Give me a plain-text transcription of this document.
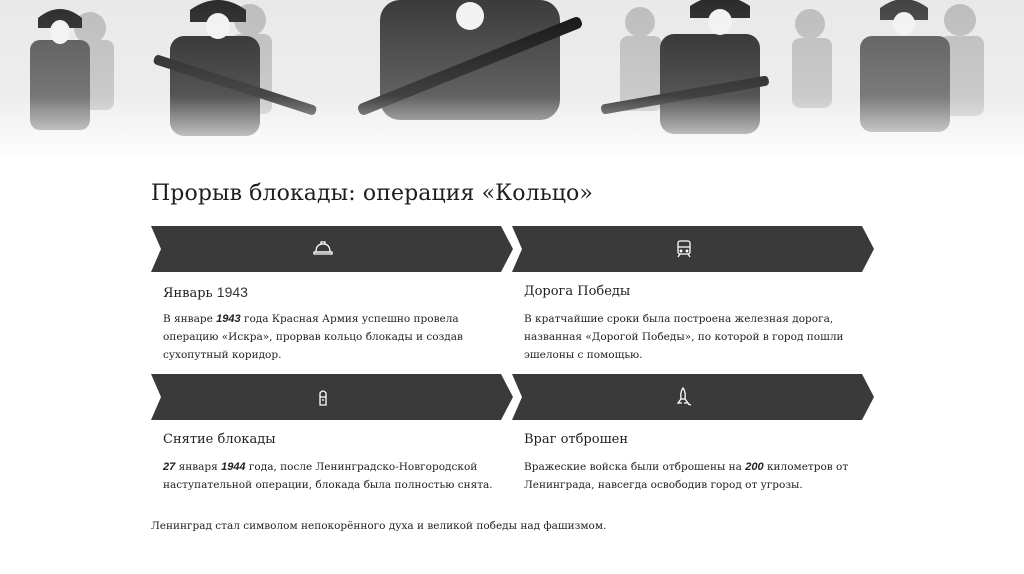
Прорыв блокады: операция «Кольцо»
Январь 1943
В январе 1943 года Красная Армия успешно провела операцию «Искра», прорвав кольцо блокады и создав сухопутный коридор.
Дорога Победы
В кратчайшие сроки была построена железная дорога, названная «Дорогой Победы», по которой в город пошли эшелоны с помощью.
Снятие блокады
27 января 1944 года, после Ленинградско-Новгородской наступательной операции, блокада была полностью снята.
Враг отброшен
Вражеские войска были отброшены на 200 километров от Ленинграда, навсегда освободив город от угрозы.
Ленинград стал символом непокорённого духа и великой победы над фашизмом.
